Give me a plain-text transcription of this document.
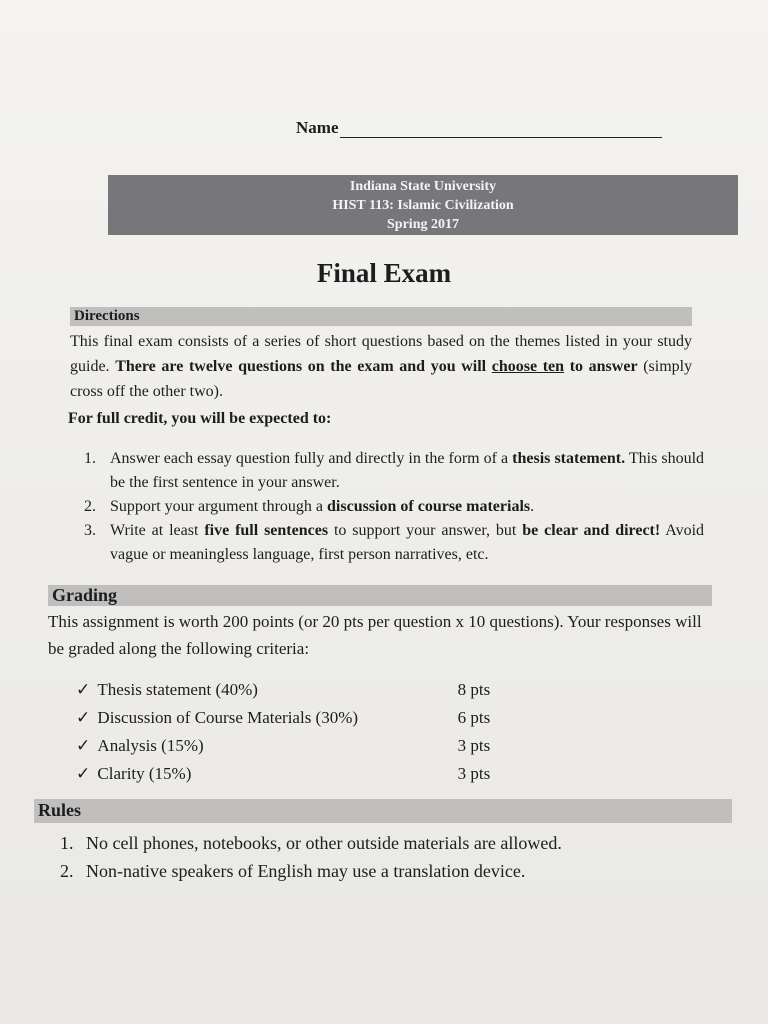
Name
Indiana State University
HIST 113: Islamic Civilization
Spring 2017
Final Exam
Directions
This final exam consists of a series of short questions based on the themes listed in your study guide. There are twelve questions on the exam and you will choose ten to answer (simply cross off the other two).
For full credit, you will be expected to:
1. Answer each essay question fully and directly in the form of a thesis statement. This should be the first sentence in your answer.
2. Support your argument through a discussion of course materials.
3. Write at least five full sentences to support your answer, but be clear and direct! Avoid vague or meaningless language, first person narratives, etc.
Grading
This assignment is worth 200 points (or 20 pts per question x 10 questions). Your responses will be graded along the following criteria:
✓ Thesis statement (40%)	8 pts
✓ Discussion of Course Materials (30%)	6 pts
✓ Analysis (15%)	3 pts
✓ Clarity (15%)	3 pts
Rules
1. No cell phones, notebooks, or other outside materials are allowed.
2. Non-native speakers of English may use a translation device.
